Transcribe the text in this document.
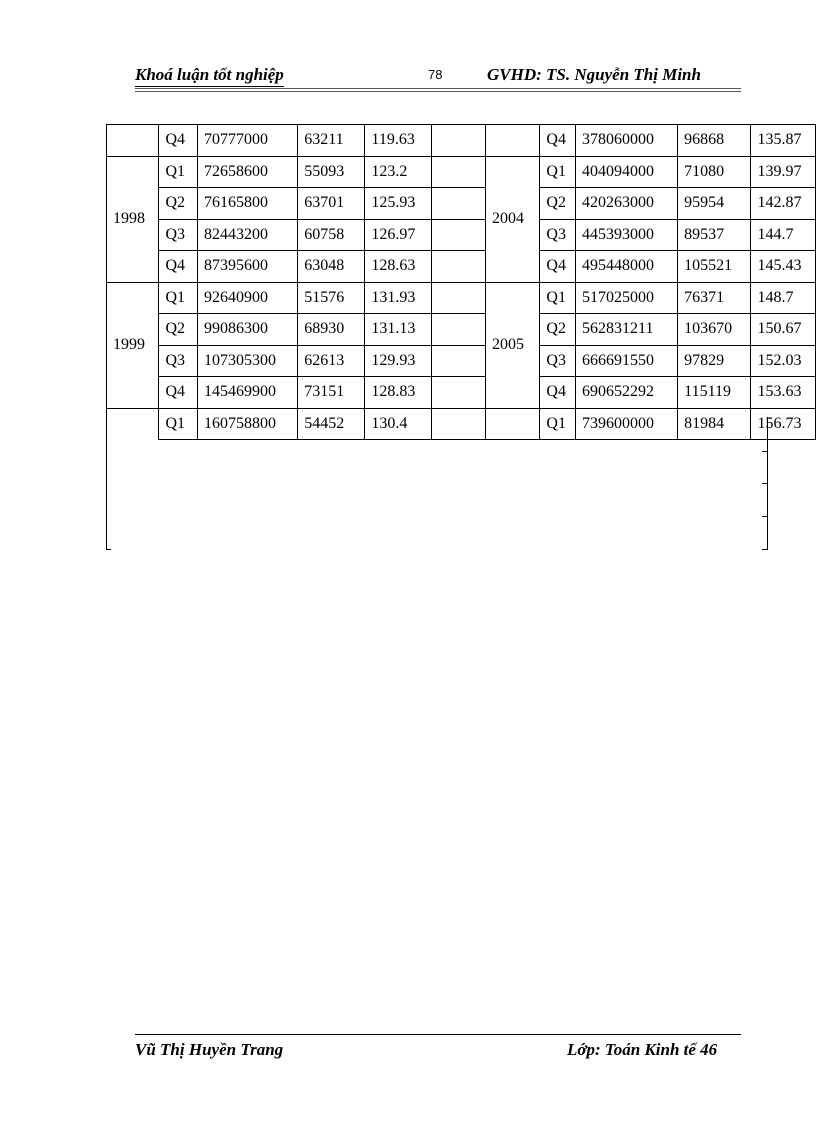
Khoá luận tốt nghiệp	78	GVHD: TS. Nguyễn Thị Minh
	Q4	70777000	63211	119.63			Q4	378060000	96868	135.87
1998	Q1	72658600	55093	123.2		2004	Q1	404094000	71080	139.97
	Q2	76165800	63701	125.93			Q2	420263000	95954	142.87
	Q3	82443200	60758	126.97			Q3	445393000	89537	144.7
	Q4	87395600	63048	128.63			Q4	495448000	105521	145.43
1999	Q1	92640900	51576	131.93		2005	Q1	517025000	76371	148.7
	Q2	99086300	68930	131.13			Q2	562831211	103670	150.67
	Q3	107305300	62613	129.93			Q3	666691550	97829	152.03
	Q4	145469900	73151	128.83			Q4	690652292	115119	153.63
	Q1	160758800	54452	130.4			Q1	739600000	81984	156.73
Vũ Thị Huyền Trang	Lớp: Toán Kinh tế 46
